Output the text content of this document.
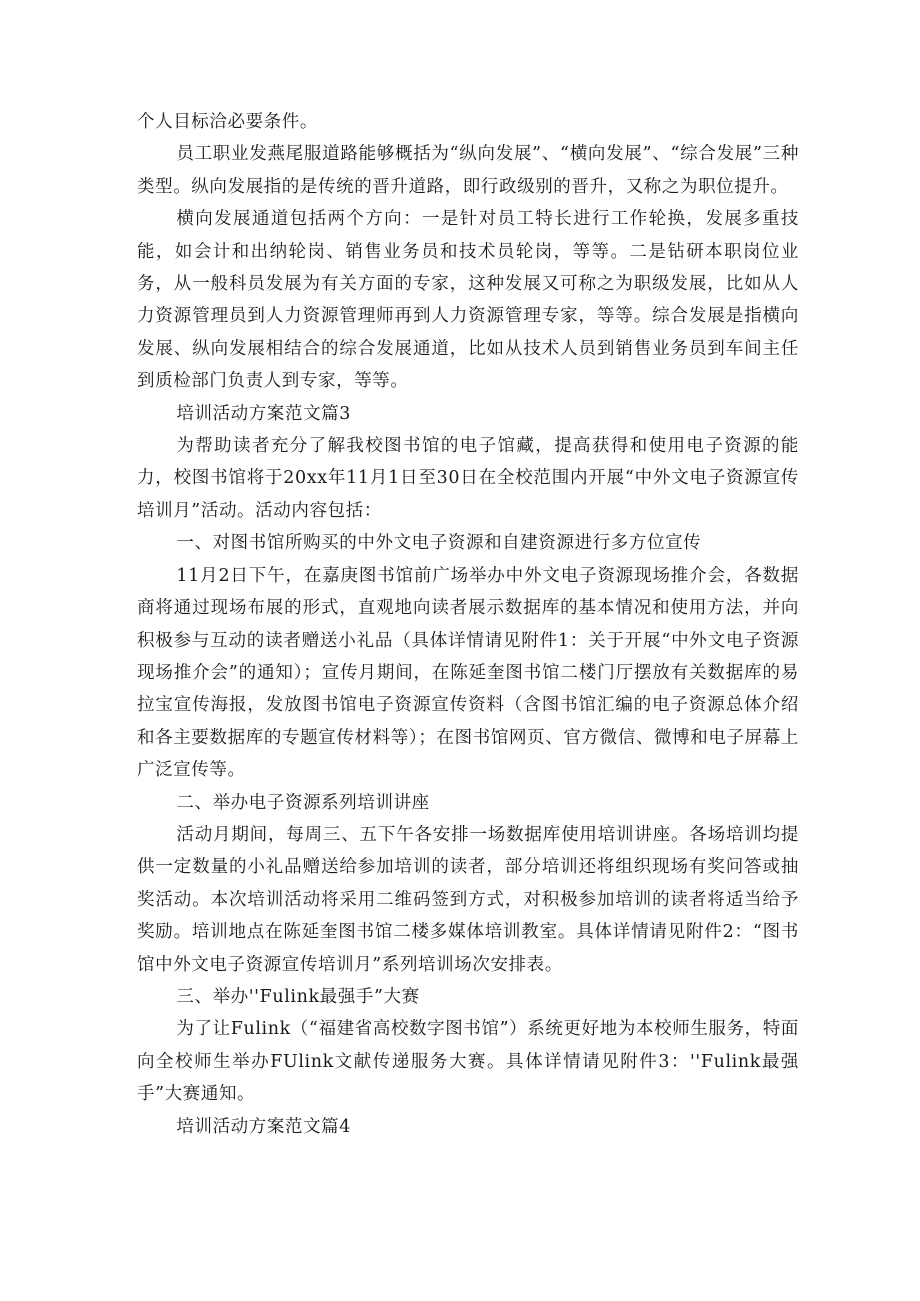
个人目标洽必要条件。

员工职业发燕尾服道路能够概括为“纵向发展”、“横向发展”、“综合发展”三种类型。纵向发展指的是传统的晋升道路，即行政级别的晋升，又称之为职位提升。

横向发展通道包括两个方向：一是针对员工特长进行工作轮换，发展多重技能，如会计和出纳轮岗、销售业务员和技术员轮岗，等等。二是钻研本职岗位业务，从一般科员发展为有关方面的专家，这种发展又可称之为职级发展，比如从人力资源管理员到人力资源管理师再到人力资源管理专家，等等。综合发展是指横向发展、纵向发展相结合的综合发展通道，比如从技术人员到销售业务员到车间主任到质检部门负责人到专家，等等。

培训活动方案范文篇3

为帮助读者充分了解我校图书馆的电子馆藏，提高获得和使用电子资源的能力，校图书馆将于20xx年11月1日至30日在全校范围内开展“中外文电子资源宣传培训月”活动。活动内容包括：

一、对图书馆所购买的中外文电子资源和自建资源进行多方位宣传

11月2日下午，在嘉庚图书馆前广场举办中外文电子资源现场推介会，各数据商将通过现场布展的形式，直观地向读者展示数据库的基本情况和使用方法，并向积极参与互动的读者赠送小礼品（具体详情请见附件1：关于开展“中外文电子资源现场推介会”的通知）；宣传月期间，在陈延奎图书馆二楼门厅摆放有关数据库的易拉宝宣传海报，发放图书馆电子资源宣传资料（含图书馆汇编的电子资源总体介绍和各主要数据库的专题宣传材料等）；在图书馆网页、官方微信、微博和电子屏幕上广泛宣传等。

二、举办电子资源系列培训讲座

活动月期间，每周三、五下午各安排一场数据库使用培训讲座。各场培训均提供一定数量的小礼品赠送给参加培训的读者，部分培训还将组织现场有奖问答或抽奖活动。本次培训活动将采用二维码签到方式，对积极参加培训的读者将适当给予奖励。培训地点在陈延奎图书馆二楼多媒体培训教室。具体详情请见附件2：“图书馆中外文电子资源宣传培训月”系列培训场次安排表。

三、举办''Fulink最强手”大赛

为了让Fulink（“福建省高校数字图书馆”）系统更好地为本校师生服务，特面向全校师生举办FUlink文献传递服务大赛。具体详情请见附件3：''Fulink最强手”大赛通知。

培训活动方案范文篇4
